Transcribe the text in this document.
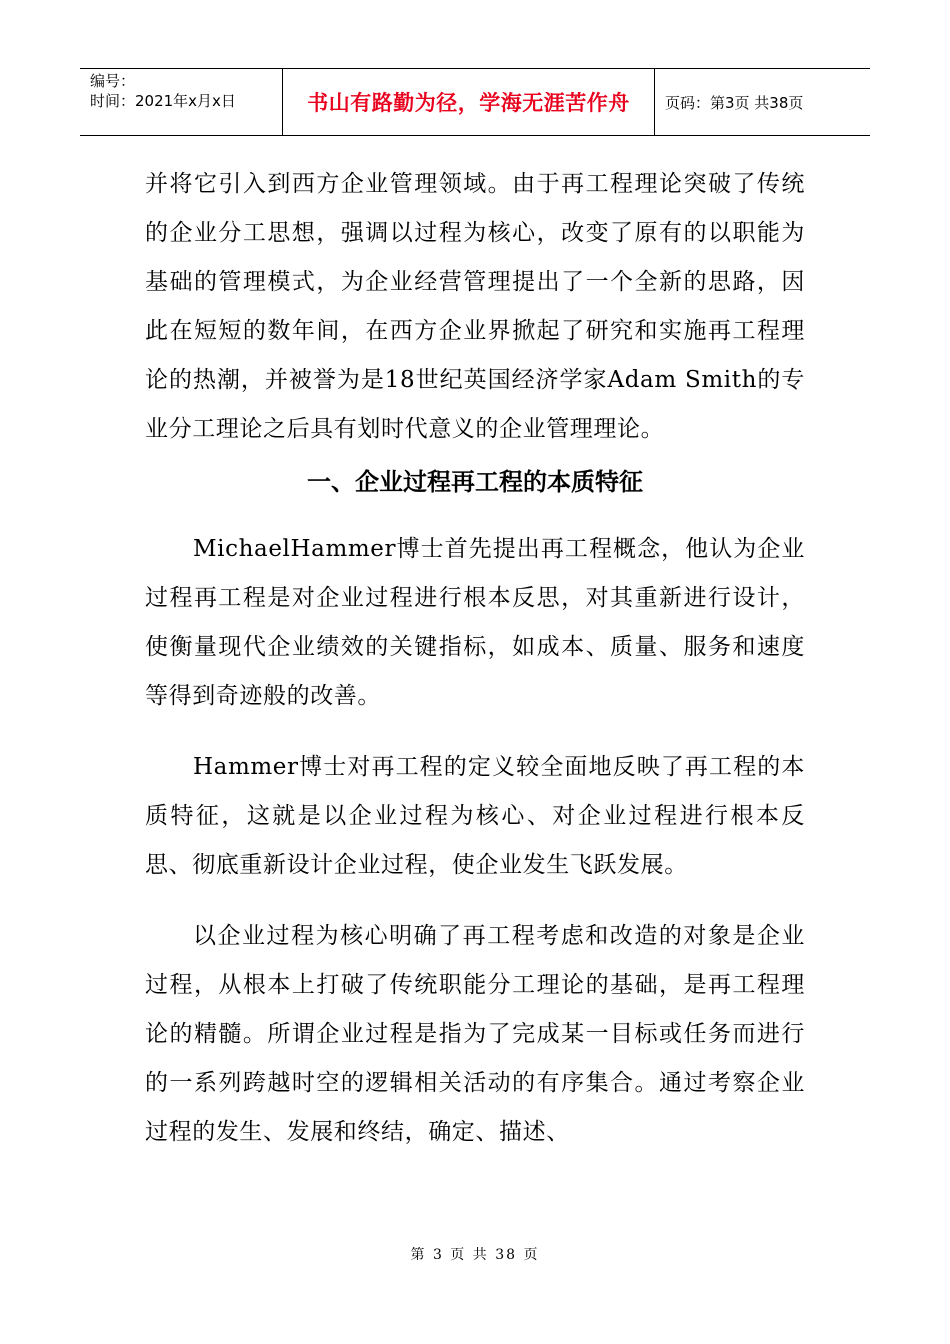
编号：
时间：2021年x月x日	书山有路勤为径，学海无涯苦作舟	页码：第3页 共38页

并将它引入到西方企业管理领域。由于再工程理论突破了传统的企业分工思想，强调以过程为核心，改变了原有的以职能为基础的管理模式，为企业经营管理提出了一个全新的思路，因此在短短的数年间，在西方企业界掀起了研究和实施再工程理论的热潮，并被誉为是18世纪英国经济学家Adam Smith的专业分工理论之后具有划时代意义的企业管理理论。

一、企业过程再工程的本质特征

MichaelHammer博士首先提出再工程概念，他认为企业过程再工程是对企业过程进行根本反思，对其重新进行设计，使衡量现代企业绩效的关键指标，如成本、质量、服务和速度等得到奇迹般的改善。

Hammer博士对再工程的定义较全面地反映了再工程的本质特征，这就是以企业过程为核心、对企业过程进行根本反思、彻底重新设计企业过程，使企业发生飞跃发展。

以企业过程为核心明确了再工程考虑和改造的对象是企业过程，从根本上打破了传统职能分工理论的基础，是再工程理论的精髓。所谓企业过程是指为了完成某一目标或任务而进行的一系列跨越时空的逻辑相关活动的有序集合。通过考察企业过程的发生、发展和终结，确定、描述、

第 3 页 共 38 页
